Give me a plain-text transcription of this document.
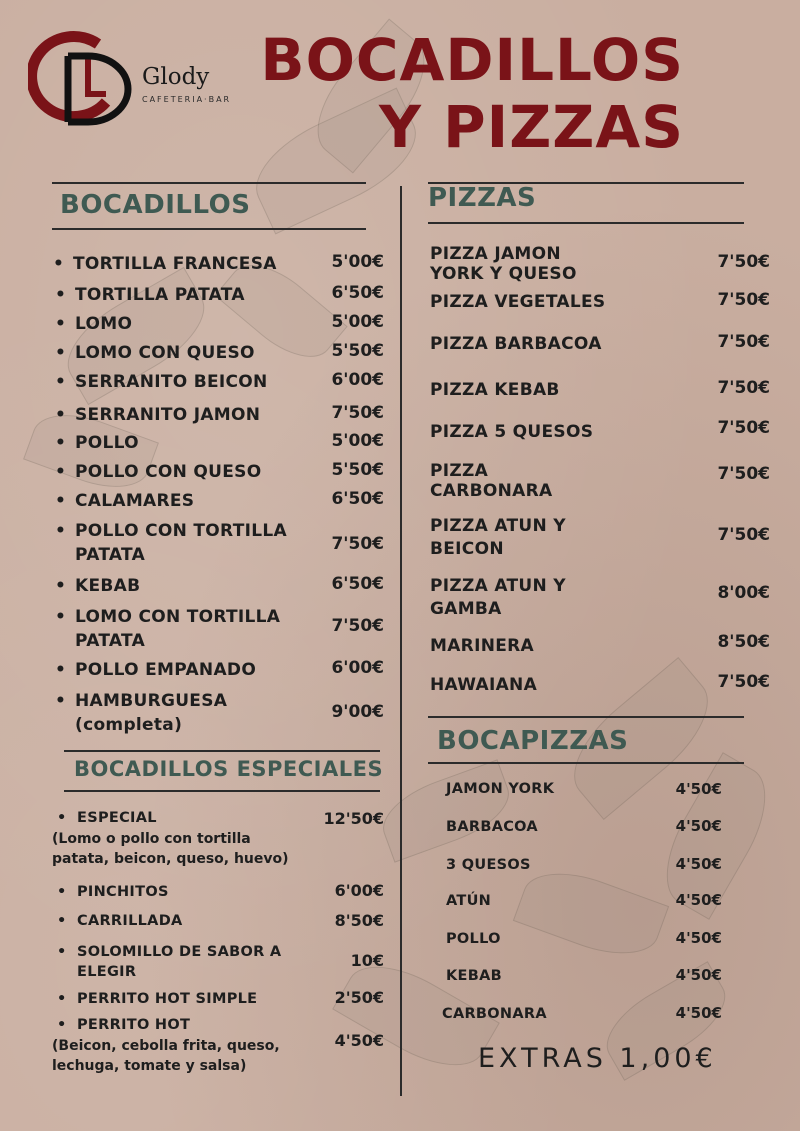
Glody
CAFETERIA·BAR
BOCADILLOS
Y PIZZAS
BOCADILLOS	PIZZAS
BOCADILLOS ESPECIALES
BOCAPIZZAS
• TORTILLA FRANCESA	5'00€
• TORTILLA PATATA	6'50€
• LOMO	5'00€
• LOMO CON QUESO	5'50€
• SERRANITO BEICON	6'00€
• SERRANITO JAMON	7'50€
• POLLO	5'00€
• POLLO CON QUESO	5'50€
• CALAMARES	6'50€
• POLLO CON TORTILLA
PATATA
7'50€
• KEBAB	6'50€
• LOMO CON TORTILLA
PATATA
7'50€
• POLLO EMPANADO	6'00€
• HAMBURGUESA
(completa)
9'00€
• ESPECIAL	12'50€
(Lomo o pollo con tortilla
patata, beicon, queso, huevo)
• PINCHITOS	6'00€
• CARRILLADA	8'50€
• SOLOMILLO DE SABOR A
ELEGIR
10€
• PERRITO HOT SIMPLE	2'50€
• PERRITO HOT
4'50€
(Beicon, cebolla frita, queso,
lechuga, tomate y salsa)
PIZZA JAMON
YORK Y QUESO
7'50€
PIZZA VEGETALES	7'50€
PIZZA BARBACOA	7'50€
PIZZA KEBAB	7'50€
PIZZA 5 QUESOS	7'50€
PIZZA
CARBONARA
7'50€
PIZZA ATUN Y
BEICON
7'50€
PIZZA ATUN Y
GAMBA
8'00€
MARINERA	8'50€
HAWAIANA	7'50€
JAMON YORK	4'50€
BARBACOA	4'50€
3 QUESOS	4'50€
ATÚN	4'50€
POLLO	4'50€
KEBAB	4'50€
CARBONARA	4'50€
EXTRAS 1,00€
